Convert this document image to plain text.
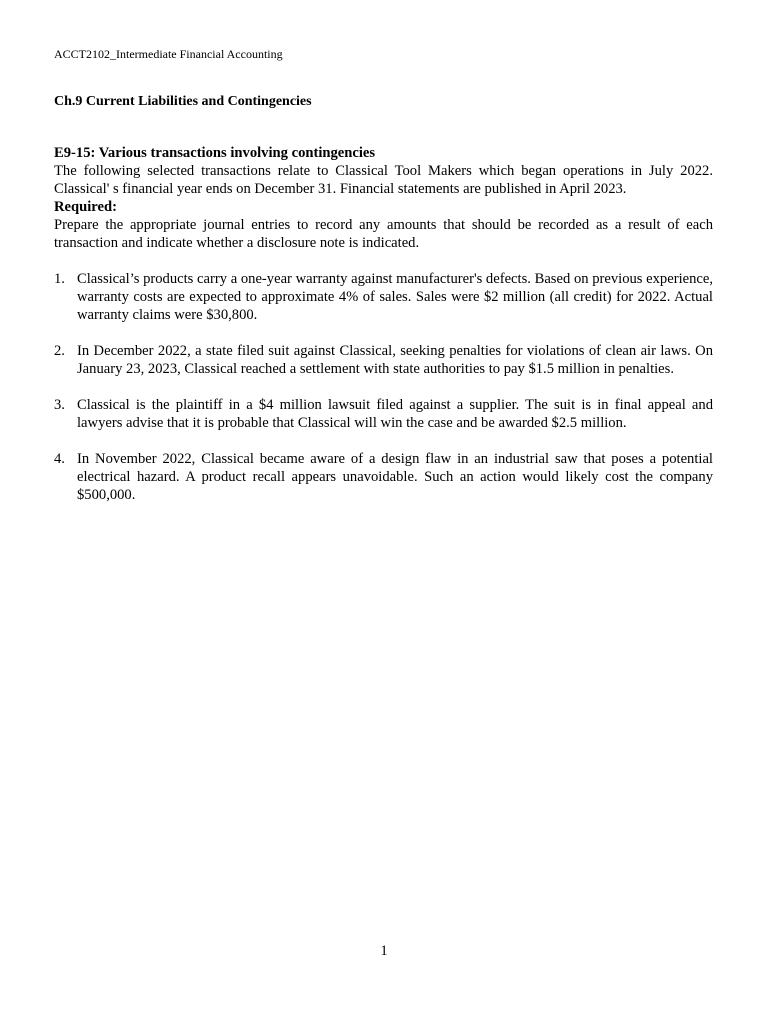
ACCT2102_Intermediate Financial Accounting
Ch.9 Current Liabilities and Contingencies
E9-15: Various transactions involving contingencies
The following selected transactions relate to Classical Tool Makers which began operations in July 2022. Classical' s financial year ends on December 31. Financial statements are published in April 2023.
Required:
Prepare the appropriate journal entries to record any amounts that should be recorded as a result of each transaction and indicate whether a disclosure note is indicated.
1. Classical’s products carry a one-year warranty against manufacturer's defects. Based on previous experience, warranty costs are expected to approximate 4% of sales. Sales were $2 million (all credit) for 2022. Actual warranty claims were $30,800.
2. In December 2022, a state filed suit against Classical, seeking penalties for violations of clean air laws. On January 23, 2023, Classical reached a settlement with state authorities to pay $1.5 million in penalties.
3. Classical is the plaintiff in a $4 million lawsuit filed against a supplier. The suit is in final appeal and lawyers advise that it is probable that Classical will win the case and be awarded $2.5 million.
4. In November 2022, Classical became aware of a design flaw in an industrial saw that poses a potential electrical hazard. A product recall appears unavoidable. Such an action would likely cost the company $500,000.
1
